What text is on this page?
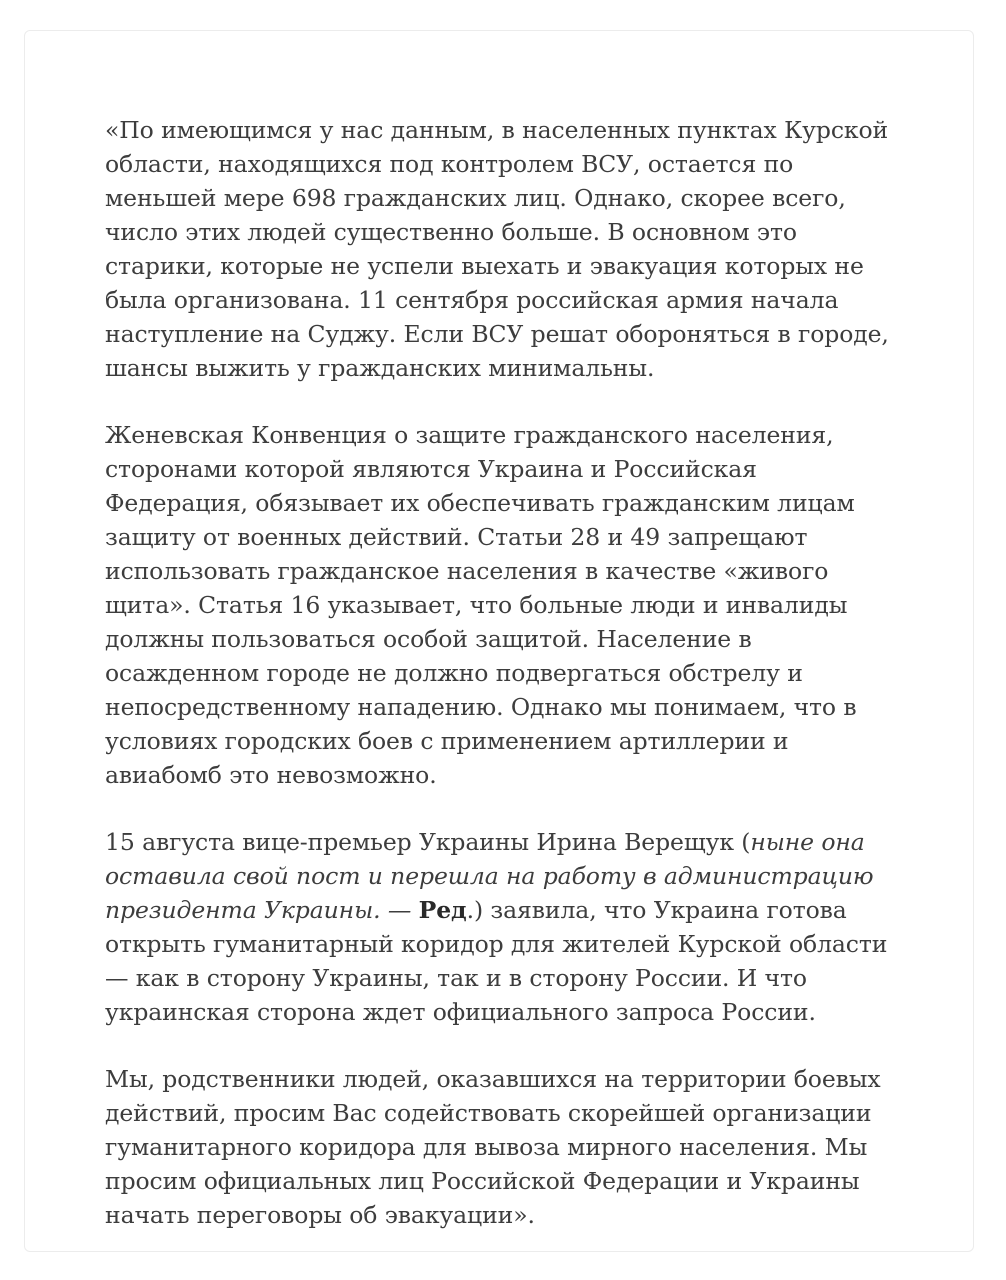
«По имеющимся у нас данным, в населенных пунктах Курской области, находящихся под контролем ВСУ, остается по меньшей мере 698 гражданских лиц. Однако, скорее всего, число этих людей существенно больше. В основном это старики, которые не успели выехать и эвакуация которых не была организована. 11 сентября российская армия начала наступление на Суджу. Если ВСУ решат обороняться в городе, шансы выжить у гражданских минимальны.

Женевская Конвенция о защите гражданского населения, сторонами которой являются Украина и Российская Федерация, обязывает их обеспечивать гражданским лицам защиту от военных действий. Статьи 28 и 49 запрещают использовать гражданское населения в качестве «живого щита». Статья 16 указывает, что больные люди и инвалиды должны пользоваться особой защитой. Население в осажденном городе не должно подвергаться обстрелу и непосредственному нападению. Однако мы понимаем, что в условиях городских боев с применением артиллерии и авиабомб это невозможно.

15 августа вице-премьер Украины Ирина Верещук (ныне она оставила свой пост и перешла на работу в администрацию президента Украины. — Ред.) заявила, что Украина готова открыть гуманитарный коридор для жителей Курской области — как в сторону Украины, так и в сторону России. И что украинская сторона ждет официального запроса России.

Мы, родственники людей, оказавшихся на территории боевых действий, просим Вас содействовать скорейшей организации гуманитарного коридора для вывоза мирного населения. Мы просим официальных лиц Российской Федерации и Украины начать переговоры об эвакуации».
